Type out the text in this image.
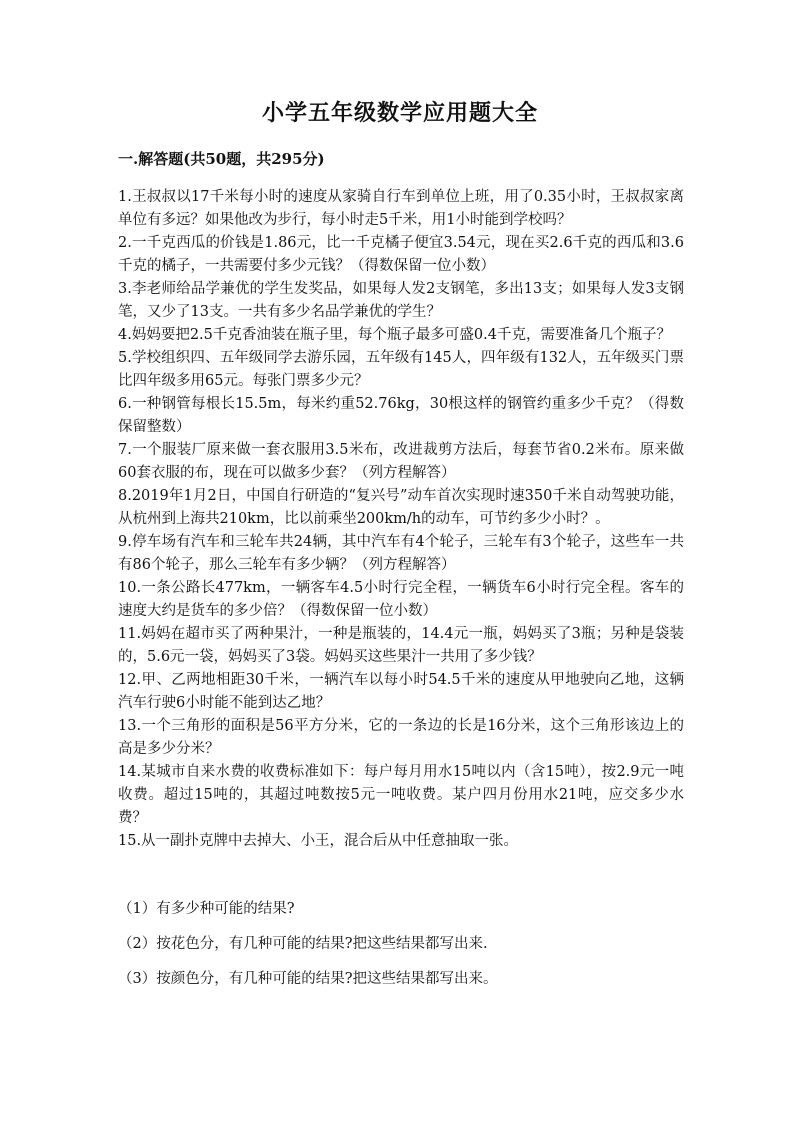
小学五年级数学应用题大全
一.解答题(共50题，共295分)

1.王叔叔以17千米每小时的速度从家骑自行车到单位上班，用了0.35小时，王叔叔家离单位有多远？如果他改为步行，每小时走5千米，用1小时能到学校吗？

2.一千克西瓜的价钱是1.86元，比一千克橘子便宜3.54元，现在买2.6千克的西瓜和3.6千克的橘子，一共需要付多少元钱？（得数保留一位小数）

3.李老师给品学兼优的学生发奖品，如果每人发2支钢笔，多出13支；如果每人发3支钢笔，又少了13支。一共有多少名品学兼优的学生？

4.妈妈要把2.5千克香油装在瓶子里，每个瓶子最多可盛0.4千克，需要准备几个瓶子？

5.学校组织四、五年级同学去游乐园，五年级有145人，四年级有132人，五年级买门票比四年级多用65元。每张门票多少元？

6.一种钢管每根长15.5m，每米约重52.76kg，30根这样的钢管约重多少千克？（得数保留整数）

7.一个服装厂原来做一套衣服用3.5米布，改进裁剪方法后，每套节省0.2米布。原来做60套衣服的布，现在可以做多少套？（列方程解答）

8.2019年1月2日，中国自行研造的“复兴号”动车首次实现时速350千米自动驾驶功能，从杭州到上海共210km，比以前乘坐200km/h的动车，可节约多少小时？。

9.停车场有汽车和三轮车共24辆，其中汽车有4个轮子，三轮车有3个轮子，这些车一共有86个轮子，那么三轮车有多少辆？（列方程解答）

10.一条公路长477km，一辆客车4.5小时行完全程，一辆货车6小时行完全程。客车的速度大约是货车的多少倍？（得数保留一位小数）

11.妈妈在超市买了两种果汁，一种是瓶装的，14.4元一瓶，妈妈买了3瓶；另种是袋装的，5.6元一袋，妈妈买了3袋。妈妈买这些果汁一共用了多少钱？

12.甲、乙两地相距30千米，一辆汽车以每小时54.5千米的速度从甲地驶向乙地，这辆汽车行驶6小时能不能到达乙地？

13.一个三角形的面积是56平方分米，它的一条边的长是16分米，这个三角形该边上的高是多少分米？

14.某城市自来水费的收费标准如下：每户每月用水15吨以内（含15吨），按2.9元一吨收费。超过15吨的，其超过吨数按5元一吨收费。某户四月份用水21吨，应交多少水费？

15.从一副扑克牌中去掉大、小王，混合后从中任意抽取一张。

（1）有多少种可能的结果?

（2）按花色分，有几种可能的结果?把这些结果都写出来.

（3）按颜色分，有几种可能的结果?把这些结果都写出来。
